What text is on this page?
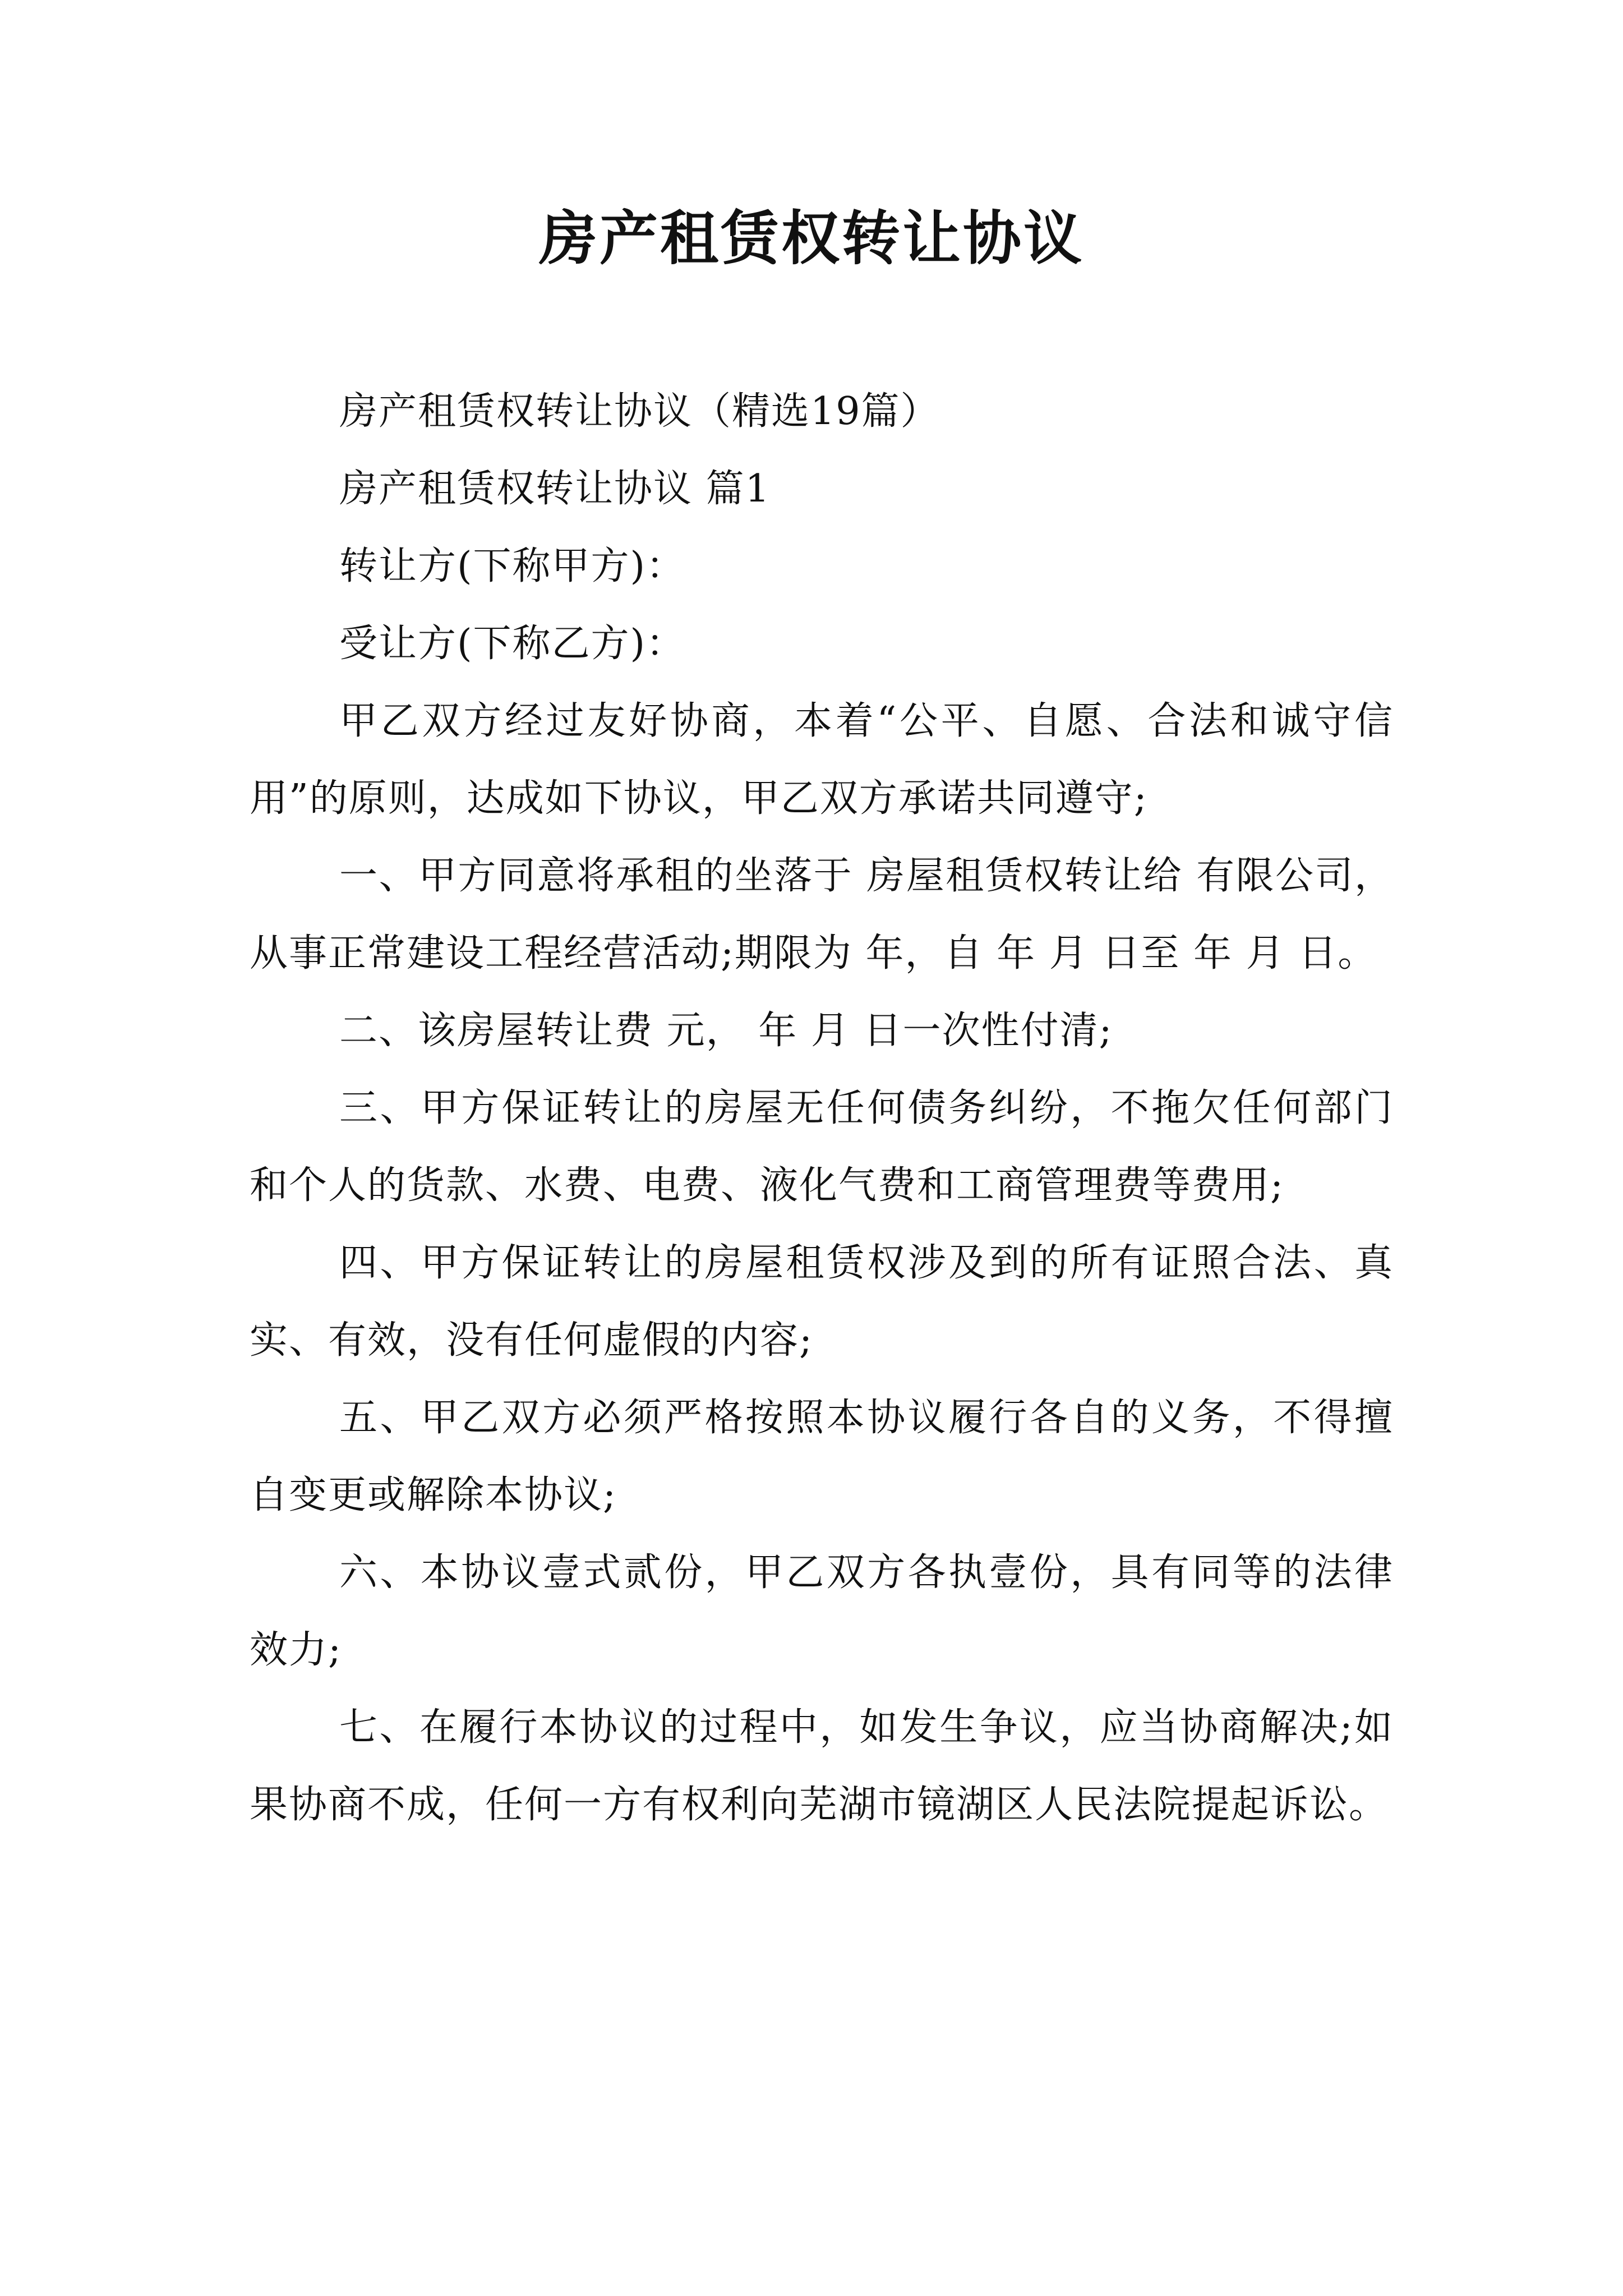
房产租赁权转让协议

房产租赁权转让协议（精选19篇）

房产租赁权转让协议 篇1

转让方(下称甲方)：

受让方(下称乙方)：

甲乙双方经过友好协商，本着“公平、自愿、合法和诚守信用”的原则，达成如下协议，甲乙双方承诺共同遵守;

一、甲方同意将承租的坐落于 房屋租赁权转让给 有限公司，从事正常建设工程经营活动;期限为 年，自 年 月 日至 年 月 日。

二、该房屋转让费 元， 年 月 日一次性付清;

三、甲方保证转让的房屋无任何债务纠纷，不拖欠任何部门和个人的货款、水费、电费、液化气费和工商管理费等费用;

四、甲方保证转让的房屋租赁权涉及到的所有证照合法、真实、有效，没有任何虚假的内容;

五、甲乙双方必须严格按照本协议履行各自的义务，不得擅自变更或解除本协议;

六、本协议壹式贰份，甲乙双方各执壹份，具有同等的法律效力;

七、在履行本协议的过程中，如发生争议，应当协商解决;如果协商不成，任何一方有权利向芜湖市镜湖区人民法院提起诉讼。
